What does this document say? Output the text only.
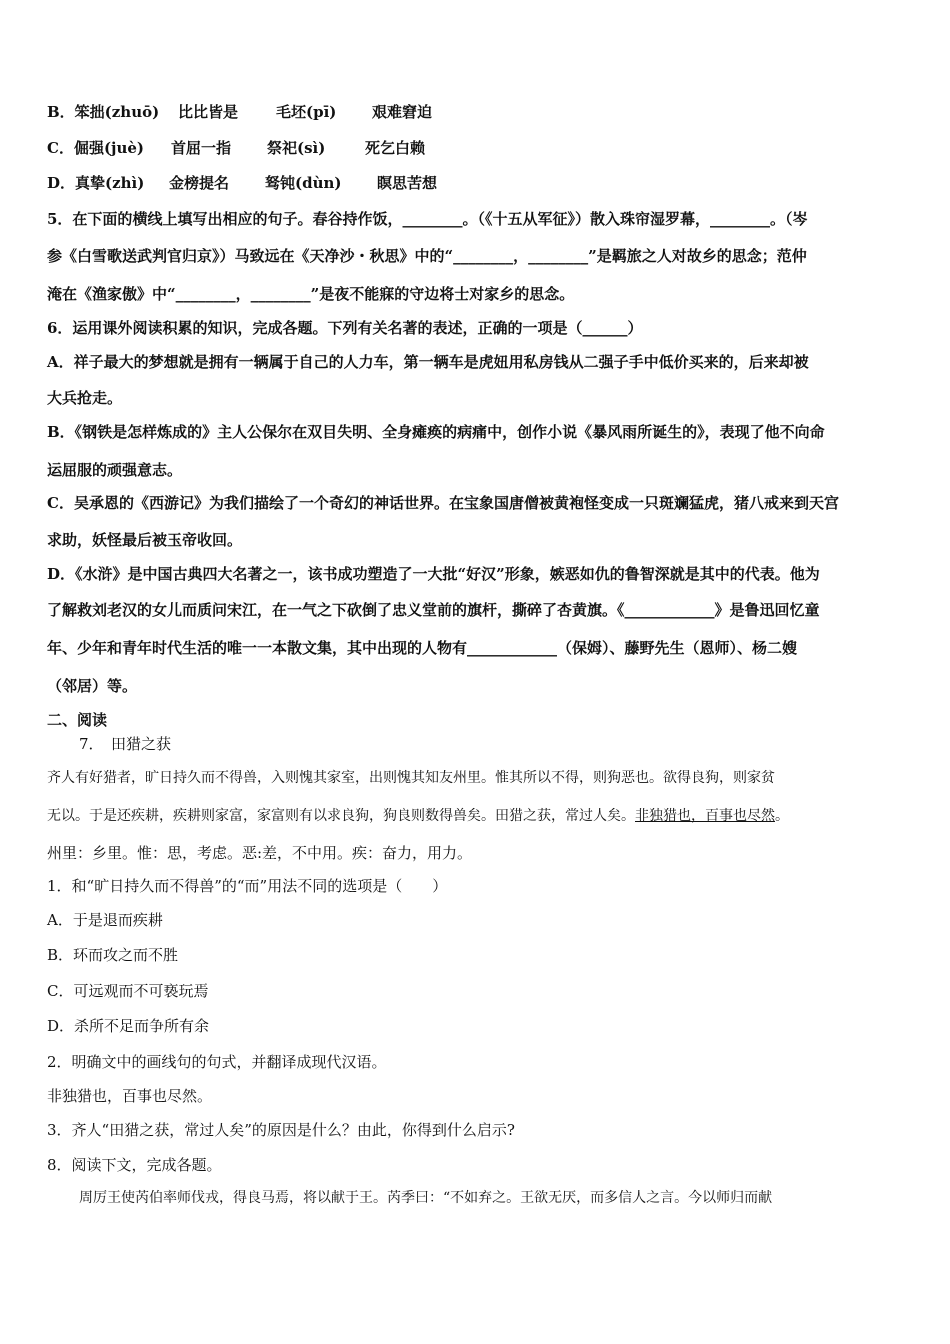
B．笨拙(zhuō) 比比皆是	毛坯(pī) 艰难窘迫
C．倔强(juè) 首屈一指 祭祀(sì)	死乞白赖
D．真挚(zhì) 金榜提名 驽钝(dùn) 瞑思苦想
5．在下面的横线上填写出相应的句子。春谷持作饭，________。（《十五从军征》）散入珠帘湿罗幕，________。（岑
参《白雪歌送武判官归京》）马致远在《天净沙・秋思》中的“________，________”是羁旅之人对故乡的思念；范仲
淹在《渔家傲》中“________，________”是夜不能寐的守边将士对家乡的思念。
6．运用课外阅读积累的知识，完成各题。下列有关名著的表述，正确的一项是（______）
A．祥子最大的梦想就是拥有一辆属于自己的人力车，第一辆车是虎妞用私房钱从二强子手中低价买来的，后来却被
大兵抢走。
B．《钢铁是怎样炼成的》主人公保尔在双目失明、全身瘫痪的病痛中，创作小说《暴风雨所诞生的》，表现了他不向命
运屈服的顽强意志。
C．吴承恩的《西游记》为我们描绘了一个奇幻的神话世界。在宝象国唐僧被黄袍怪变成一只斑斓猛虎，猪八戒来到天宫
求助，妖怪最后被玉帝收回。
D．《水浒》是中国古典四大名著之一，该书成功塑造了一大批“好汉”形象，嫉恶如仇的鲁智深就是其中的代表。他为
了解救刘老汉的女儿而质问宋江，在一气之下砍倒了忠义堂前的旗杆，撕碎了杏黄旗。《____________》是鲁迅回忆童
年、少年和青年时代生活的唯一一本散文集，其中出现的人物有____________（保姆）、藤野先生（恩师）、杨二嫂
（邻居）等。
二、阅读
7．　田猎之获
齐人有好猎者，旷日持久而不得兽，入则愧其家室，出则愧其知友州里。惟其所以不得，则狗恶也。欲得良狗，则家贫
无以。于是还疾耕，疾耕则家富，家富则有以求良狗，狗良则数得兽矣。田猎之获，常过人矣。非独猎也，百事也尽然。
州里：乡里。惟：思，考虑。恶:差，不中用。疾：奋力，用力。
1．和“旷日持久而不得兽”的“而”用法不同的选项是（　　）
A．于是退而疾耕
B．环而攻之而不胜
C．可远观而不可亵玩焉
D．杀所不足而争所有余
2．明确文中的画线句的句式，并翻译成现代汉语。
非独猎也，百事也尽然。
3．齐人“田猎之获，常过人矣”的原因是什么？由此，你得到什么启示?
8．阅读下文，完成各题。
周厉王使芮伯率师伐戎，得良马焉，将以献于王。芮季曰：“不如弃之。王欲无厌，而多信人之言。今以师归而献
